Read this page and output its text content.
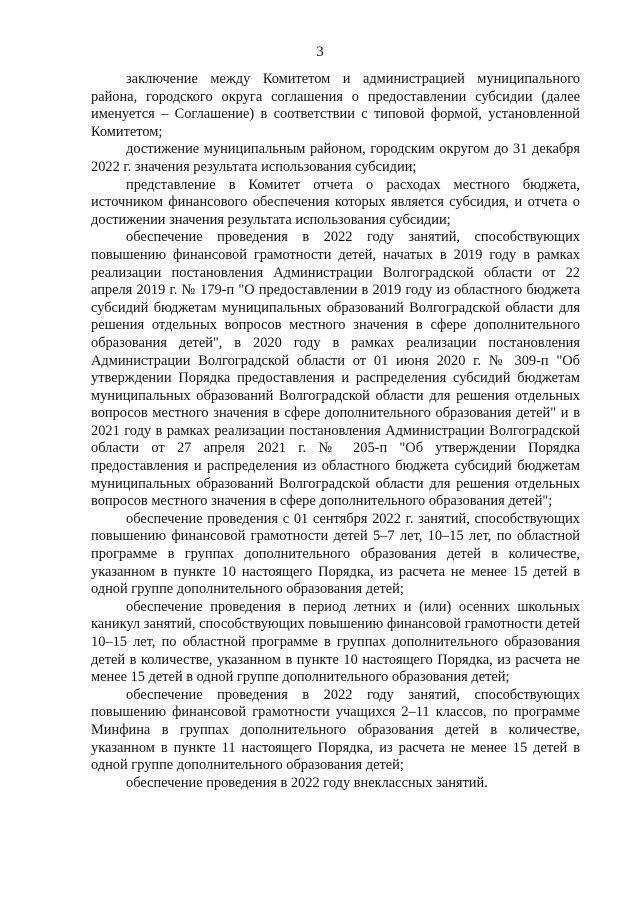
3

заключение между Комитетом и администрацией муниципального района, городского округа соглашения о предоставлении субсидии (далее именуется – Соглашение) в соответствии с типовой формой, установленной Комитетом;

достижение муниципальным районом, городским округом до 31 декабря 2022 г. значения результата использования субсидии;

представление в Комитет отчета о расходах местного бюджета, источником финансового обеспечения которых является субсидия, и отчета о достижении значения результата использования субсидии;

обеспечение проведения в 2022 году занятий, способствующих повышению финансовой грамотности детей, начатых в 2019 году в рамках реализации постановления Администрации Волгоградской области от 22 апреля 2019 г. № 179-п "О предоставлении в 2019 году из областного бюджета субсидий бюджетам муниципальных образований Волгоградской области для решения отдельных вопросов местного значения в сфере дополнительного образования детей", в 2020 году в рамках реализации постановления Администрации Волгоградской области от 01 июня 2020 г. № 309-п "Об утверждении Порядка предоставления и распределения субсидий бюджетам муниципальных образований Волгоградской области для решения отдельных вопросов местного значения в сфере дополнительного образования детей" и в 2021 году в рамках реализации постановления Администрации Волгоградской области от 27 апреля 2021 г. № 205-п "Об утверждении Порядка предоставления и распределения из областного бюджета субсидий бюджетам муниципальных образований Волгоградской области для решения отдельных вопросов местного значения в сфере дополнительного образования детей";

обеспечение проведения с 01 сентября 2022 г. занятий, способствующих повышению финансовой грамотности детей 5–7 лет, 10–15 лет, по областной программе в группах дополнительного образования детей в количестве, указанном в пункте 10 настоящего Порядка, из расчета не менее 15 детей в одной группе дополнительного образования детей;

обеспечение проведения в период летних и (или) осенних школьных каникул занятий, способствующих повышению финансовой грамотности детей 10–15 лет, по областной программе в группах дополнительного образования детей в количестве, указанном в пункте 10 настоящего Порядка, из расчета не менее 15 детей в одной группе дополнительного образования детей;

обеспечение проведения в 2022 году занятий, способствующих повышению финансовой грамотности учащихся 2–11 классов, по программе Минфина в группах дополнительного образования детей в количестве, указанном в пункте 11 настоящего Порядка, из расчета не менее 15 детей в одной группе дополнительного образования детей;

обеспечение проведения в 2022 году внеклассных занятий.
